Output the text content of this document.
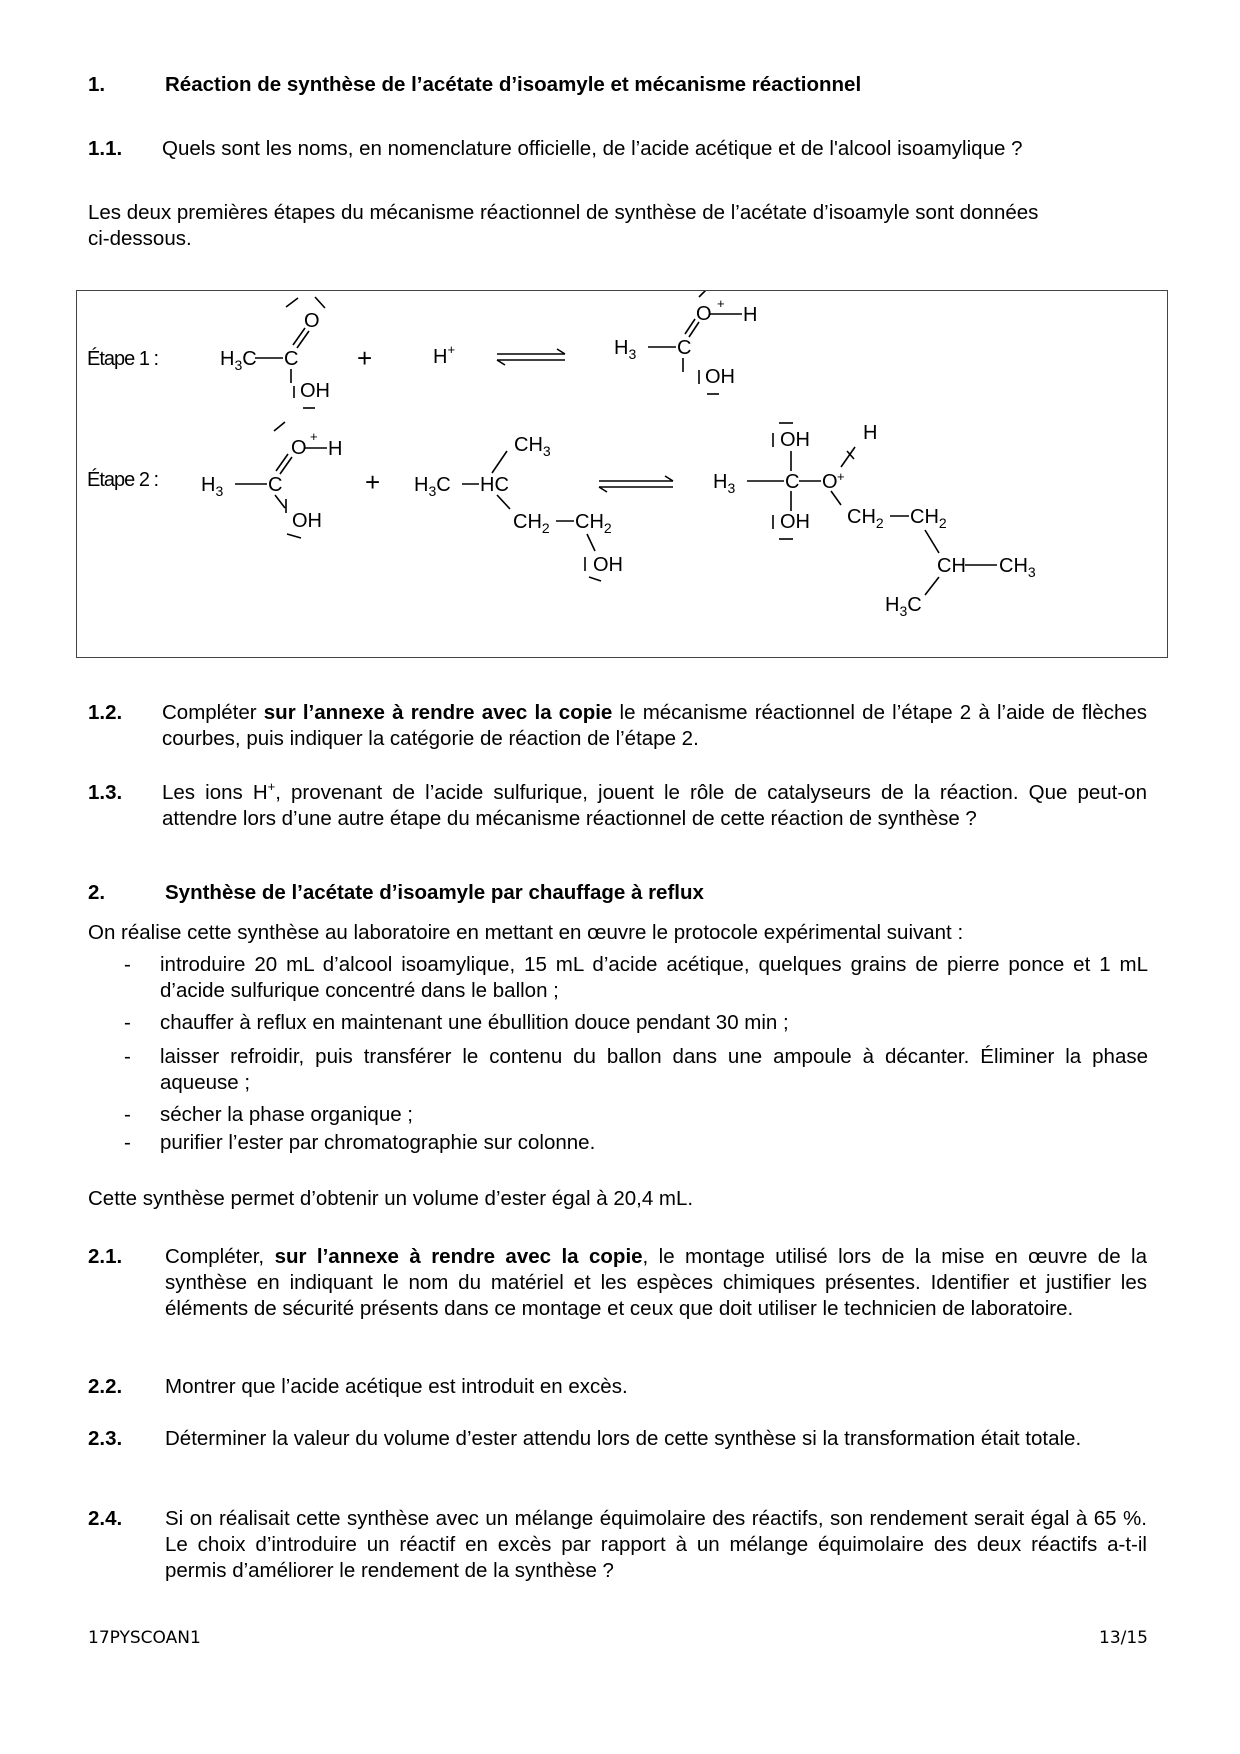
1.	Réaction de synthèse de l’acétate d’isoamyle et mécanisme réactionnel
1.1. Quels sont les noms, en nomenclature officielle, de l’acide acétique et de l'alcool isoamylique ?
Les deux premières étapes du mécanisme réactionnel de synthèse de l’acétate d’isoamyle sont données
ci-dessous.
Étape 1 :	$H_3C$ C
O
OH
+	H+	$H_3$ C
O +
H
OH
Étape 2 : $H_3$ C
O
+
H
OH
+ $H_3C$ HC
$CH_3$
$CH_2$ $CH_2$
OH
OH
$H_3$ C O +
H
OH $CH_2$ $CH_2$
CH $CH_3$
$H_3C$
1.2. Compléter sur l’annexe à rendre avec la copie le mécanisme réactionnel de l’étape 2 à l’aide de flèches courbes, puis indiquer la catégorie de réaction de l’étape 2.
1.3. Les ions H+, provenant de l’acide sulfurique, jouent le rôle de catalyseurs de la réaction. Que peut-on attendre lors d’une autre étape du mécanisme réactionnel de cette réaction de synthèse ?
2.	Synthèse de l’acétate d’isoamyle par chauffage à reflux
On réalise cette synthèse au laboratoire en mettant en œuvre le protocole expérimental suivant :
- introduire 20 mL d’alcool isoamylique, 15 mL d’acide acétique, quelques grains de pierre ponce et 1 mL d’acide sulfurique concentré dans le ballon ;
- chauffer à reflux en maintenant une ébullition douce pendant 30 min ;
- laisser refroidir, puis transférer le contenu du ballon dans une ampoule à décanter. Éliminer la phase aqueuse ;
- sécher la phase organique ;
- purifier l’ester par chromatographie sur colonne.
Cette synthèse permet d’obtenir un volume d’ester égal à 20,4 mL.
2.1. Compléter, sur l’annexe à rendre avec la copie, le montage utilisé lors de la mise en œuvre de la synthèse en indiquant le nom du matériel et les espèces chimiques présentes. Identifier et justifier les éléments de sécurité présents dans ce montage et ceux que doit utiliser le technicien de laboratoire.
2.2. Montrer que l’acide acétique est introduit en excès.
2.3. Déterminer la valeur du volume d’ester attendu lors de cette synthèse si la transformation était totale.
2.4. Si on réalisait cette synthèse avec un mélange équimolaire des réactifs, son rendement serait égal à 65 %. Le choix d’introduire un réactif en excès par rapport à un mélange équimolaire des deux réactifs a-t-il permis d’améliorer le rendement de la synthèse ?
17PYSCOAN1	13/15
